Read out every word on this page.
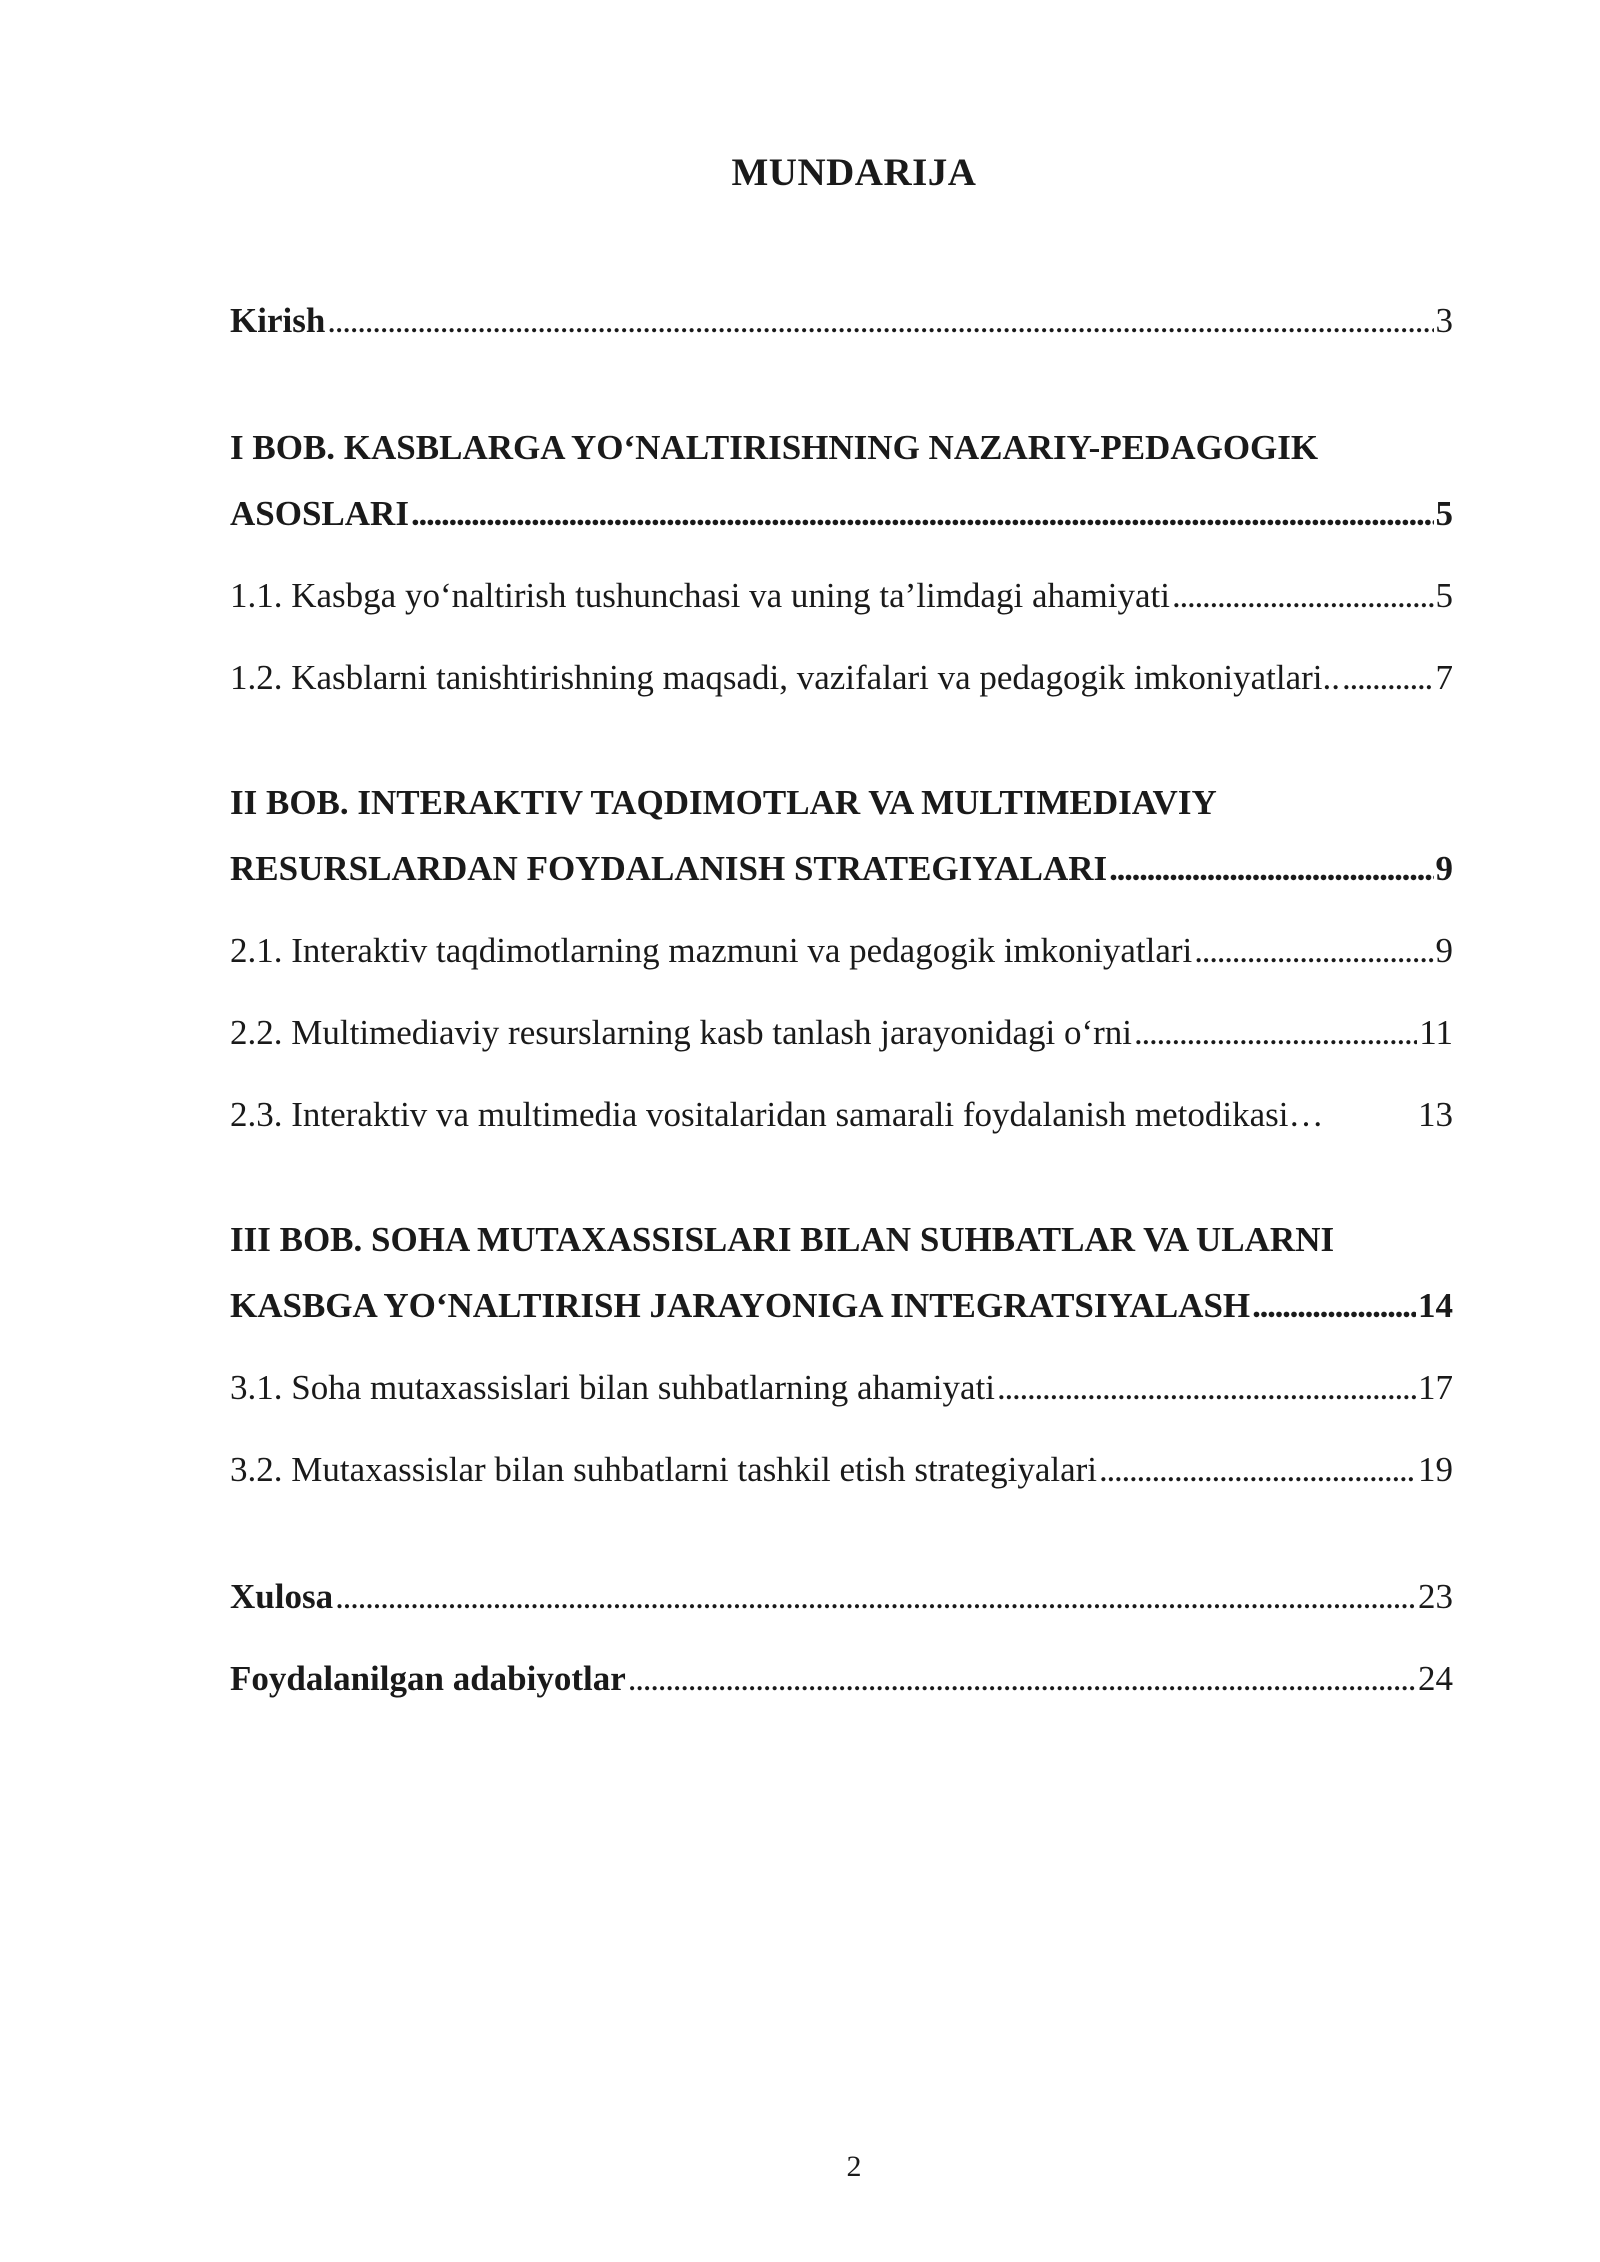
MUNDARIJA
Kirish . . .	3
I BOB. KASBLARGA YO‘NALTIRISHNING NAZARIY-PEDAGOGIK
ASOSLARI . . .	5
1.1. Kasbga yo‘naltirish tushunchasi va uning ta’limdagi ahamiyati . . .	5
1.2. Kasblarni tanishtirishning maqsadi, vazifalari va pedagogik imkoniyatlari.. . . .	7
II BOB. INTERAKTIV TAQDIMOTLAR VA MULTIMEDIAVIY
RESURSLARDAN FOYDALANISH STRATEGIYALARI . . .	9
2.1. Interaktiv taqdimotlarning mazmuni va pedagogik imkoniyatlari . . .	9
2.2. Multimediaviy resurslarning kasb tanlash jarayonidagi o‘rni . . .	11
2.3. Interaktiv va multimedia vositalaridan samarali foydalanish metodikasi…	13
III BOB. SOHA MUTAXASSISLARI BILAN SUHBATLAR VA ULARNI
KASBGA YO‘NALTIRISH JARAYONIGA INTEGRATSIYALASH . . .	14
3.1. Soha mutaxassislari bilan suhbatlarning ahamiyati . . .	17
3.2. Mutaxassislar bilan suhbatlarni tashkil etish strategiyalari . . .	19
Xulosa . . .	23
Foydalanilgan adabiyotlar . . .	24
2
